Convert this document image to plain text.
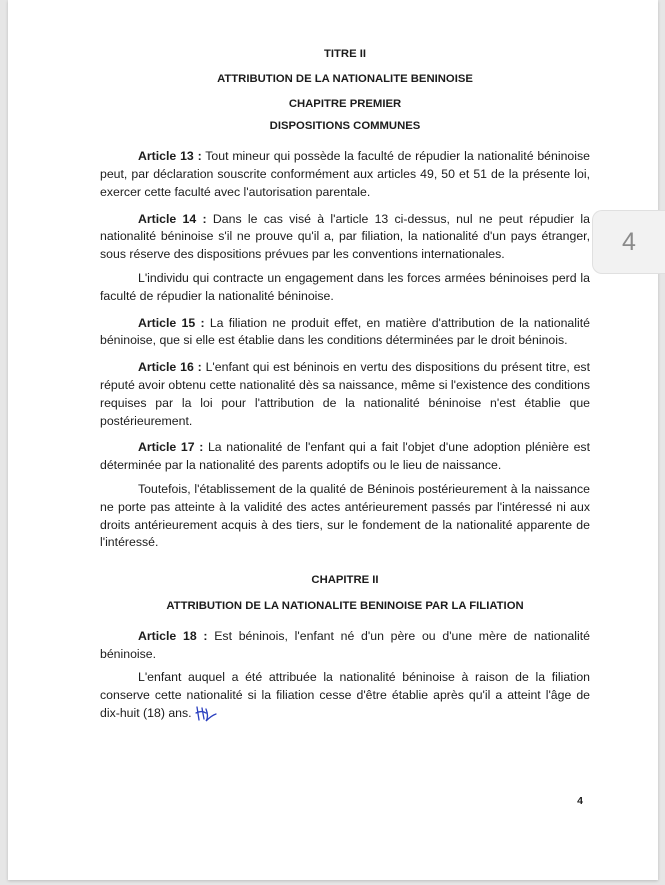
TITRE II

ATTRIBUTION DE LA NATIONALITE BENINOISE

CHAPITRE PREMIER

DISPOSITIONS COMMUNES

Article 13 : Tout mineur qui possède la faculté de répudier la nationalité béninoise peut, par déclaration souscrite conformément aux articles 49, 50 et 51 de la présente loi, exercer cette faculté avec l'autorisation parentale.

Article 14 : Dans le cas visé à l'article 13 ci-dessus, nul ne peut répudier la nationalité béninoise s'il ne prouve qu'il a, par filiation, la nationalité d'un pays étranger, sous réserve des dispositions prévues par les conventions internationales.

L'individu qui contracte un engagement dans les forces armées béninoises perd la faculté de répudier la nationalité béninoise.

Article 15 : La filiation ne produit effet, en matière d'attribution de la nationalité béninoise, que si elle est établie dans les conditions déterminées par le droit béninois.

Article 16 : L'enfant qui est béninois en vertu des dispositions du présent titre, est réputé avoir obtenu cette nationalité dès sa naissance, même si l'existence des conditions requises par la loi pour l'attribution de la nationalité béninoise n'est établie que postérieurement.

Article 17 : La nationalité de l'enfant qui a fait l'objet d'une adoption plénière est déterminée par la nationalité des parents adoptifs ou le lieu de naissance.

Toutefois, l'établissement de la qualité de Béninois postérieurement à la naissance ne porte pas atteinte à la validité des actes antérieurement passés par l'intéressé ni aux droits antérieurement acquis à des tiers, sur le fondement de la nationalité apparente de l'intéressé.

CHAPITRE II

ATTRIBUTION DE LA NATIONALITE BENINOISE PAR LA FILIATION

Article 18 : Est béninois, l'enfant né d'un père ou d'une mère de nationalité béninoise.

L'enfant auquel a été attribuée la nationalité béninoise à raison de la filiation conserve cette nationalité si la filiation cesse d'être établie après qu'il a atteint l'âge de dix-huit (18) ans.

4
4
